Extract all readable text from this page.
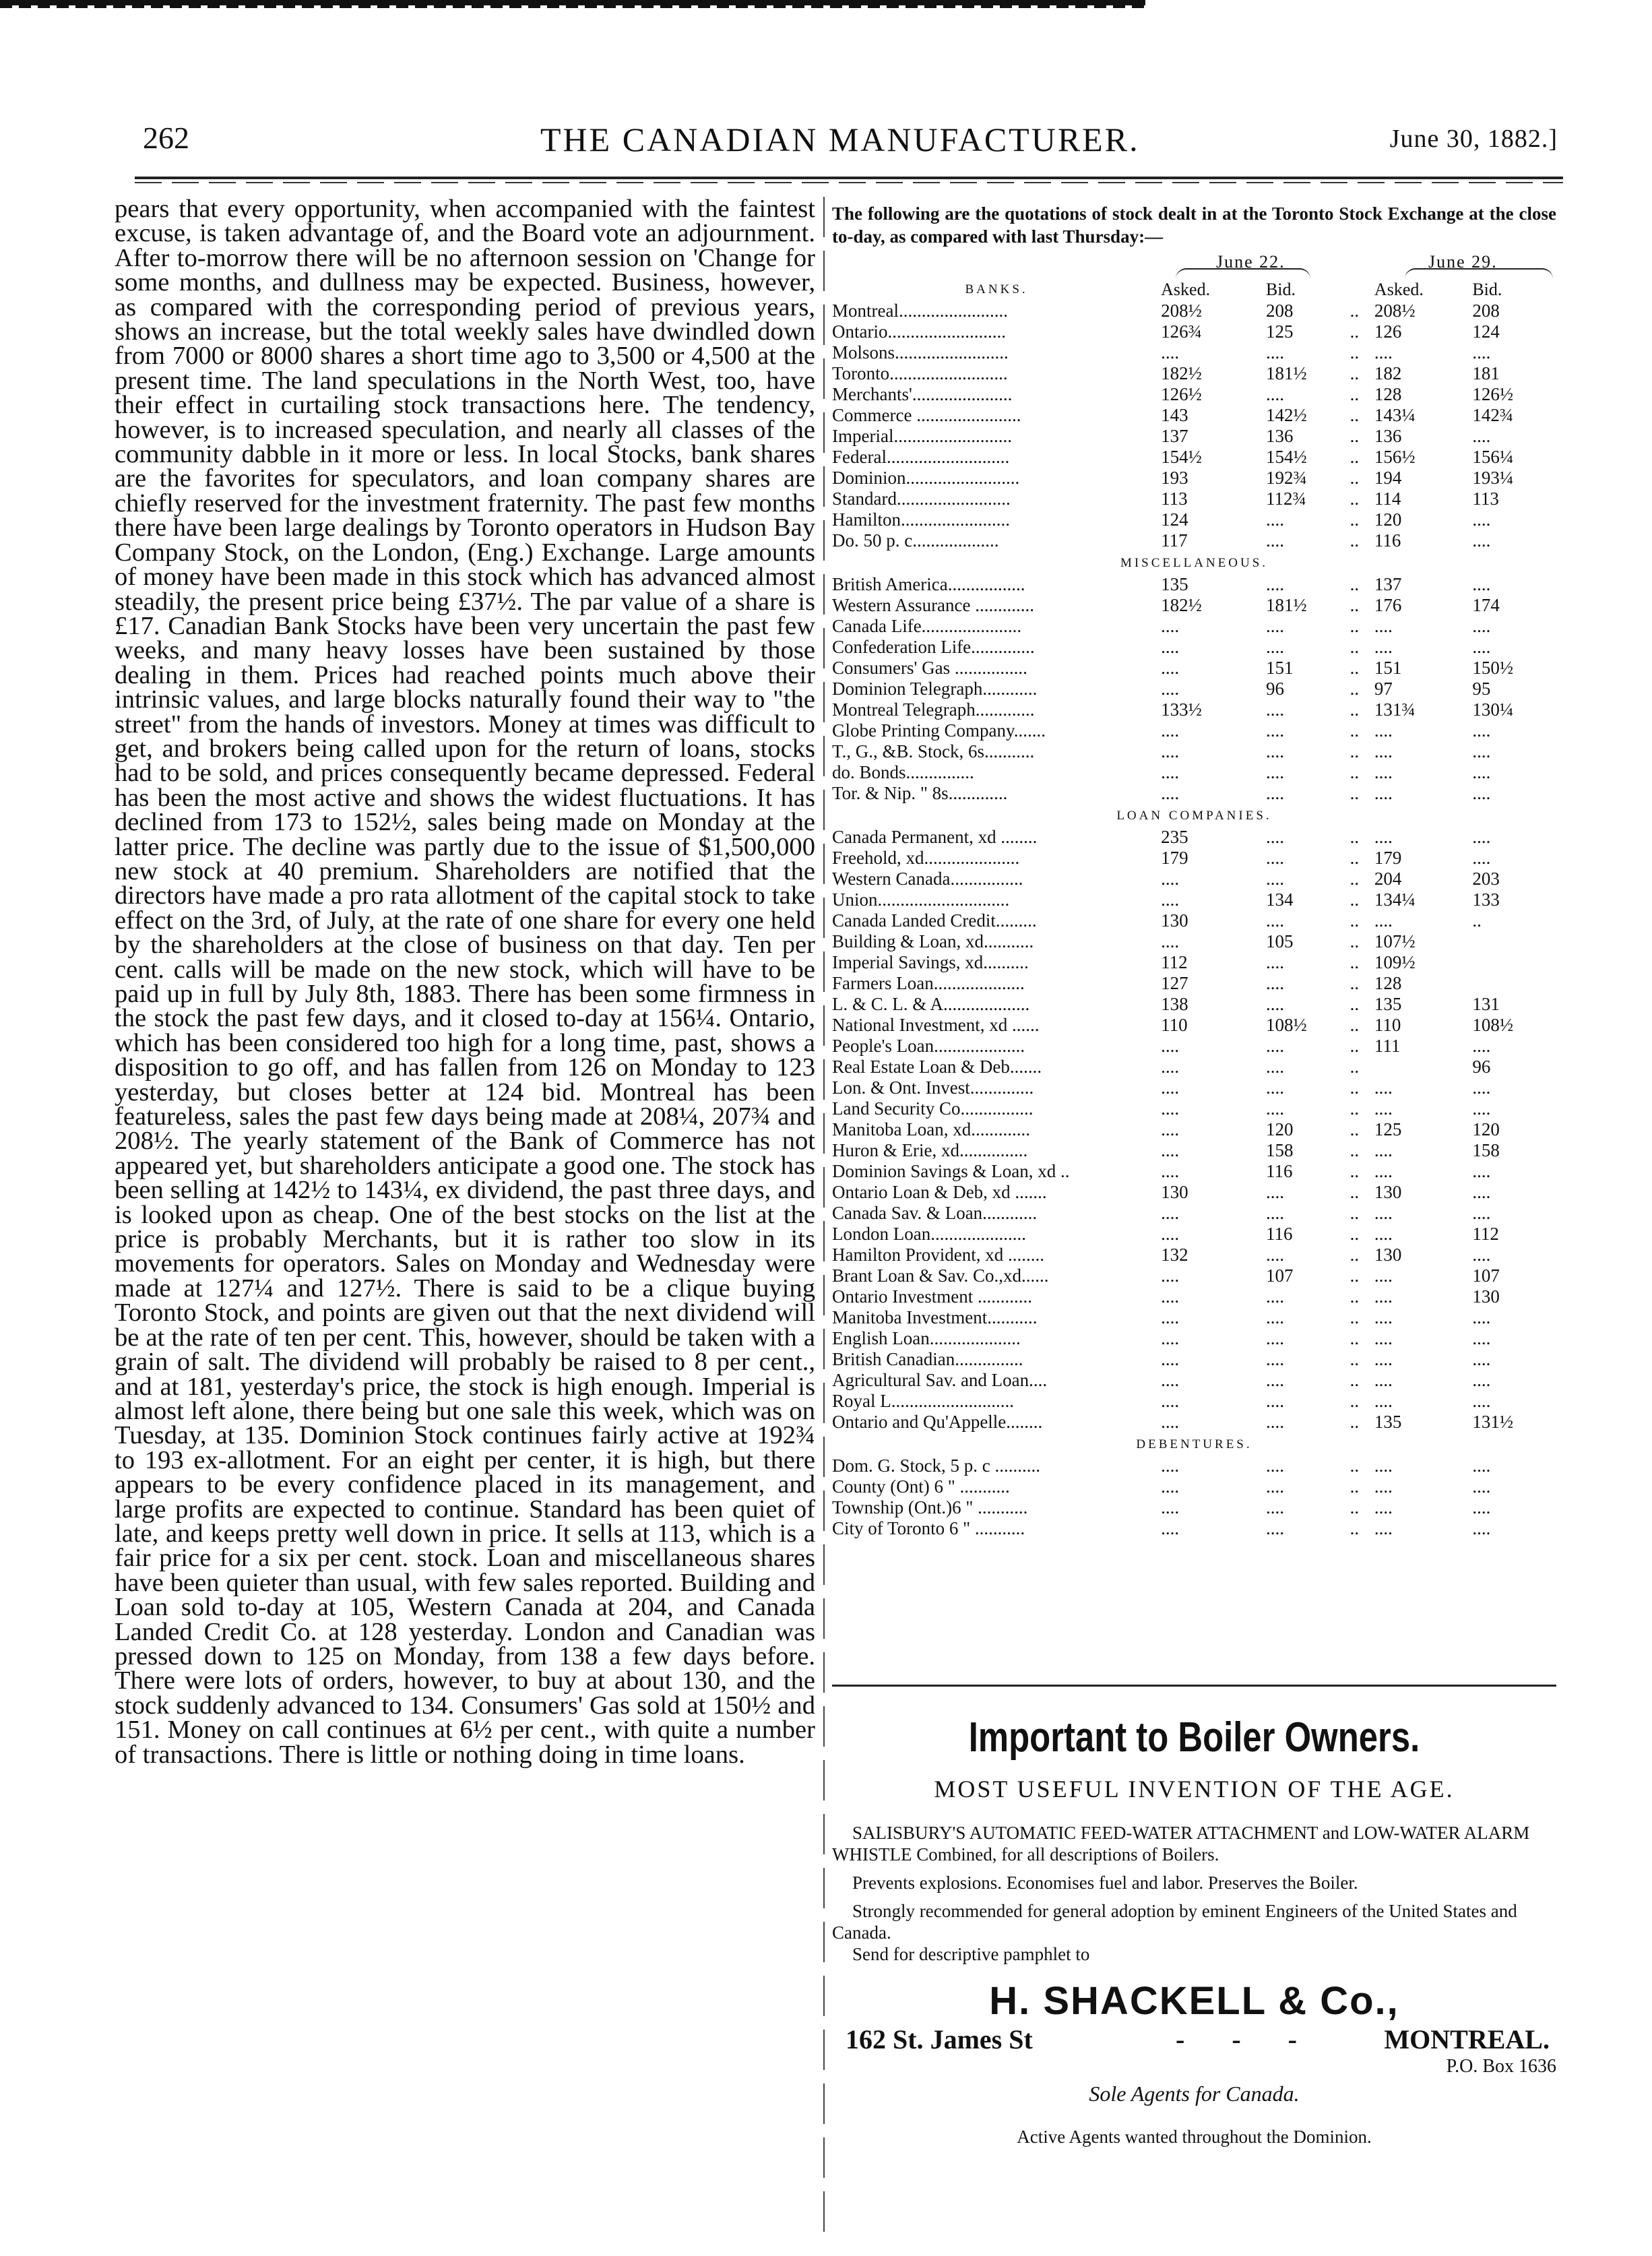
262	THE CANADIAN MANUFACTURER.	June 30, 1882.]

pears that every opportunity, when accompanied with the faintest excuse, is taken advantage of, and the Board vote an adjournment. After to-morrow there will be no afternoon session on 'Change for some months, and dullness may be expected. Business, however, as compared with the corresponding period of previous years, shows an increase, but the total weekly sales have dwindled down from 7000 or 8000 shares a short time ago to 3,500 or 4,500 at the present time. The land speculations in the North West, too, have their effect in curtailing stock transactions here. The tendency, however, is to increased speculation, and nearly all classes of the community dabble in it more or less. In local Stocks, bank shares are the favorites for speculators, and loan company shares are chiefly reserved for the investment fraternity. The past few months there have been large dealings by Toronto operators in Hudson Bay Company Stock, on the London, (Eng.) Exchange. Large amounts of money have been made in this stock which has advanced almost steadily, the present price being £37½. The par value of a share is £17. Canadian Bank Stocks have been very uncertain the past few weeks, and many heavy losses have been sustained by those dealing in them. Prices had reached points much above their intrinsic values, and large blocks naturally found their way to "the street" from the hands of investors. Money at times was difficult to get, and brokers being called upon for the return of loans, stocks had to be sold, and prices consequently became depressed. Federal has been the most active and shows the widest fluctuations. It has declined from 173 to 152½, sales being made on Monday at the latter price. The decline was partly due to the issue of $1,500,000 new stock at 40 premium. Shareholders are notified that the directors have made a pro rata allotment of the capital stock to take effect on the 3rd, of July, at the rate of one share for every one held by the shareholders at the close of business on that day. Ten per cent. calls will be made on the new stock, which will have to be paid up in full by July 8th, 1883. There has been some firmness in the stock the past few days, and it closed to-day at 156¼. Ontario, which has been considered too high for a long time, past, shows a disposition to go off, and has fallen from 126 on Monday to 123 yesterday, but closes better at 124 bid. Montreal has been featureless, sales the past few days being made at 208¼, 207¾ and 208½. The yearly statement of the Bank of Commerce has not appeared yet, but shareholders anticipate a good one. The stock has been selling at 142½ to 143¼, ex dividend, the past three days, and is looked upon as cheap. One of the best stocks on the list at the price is probably Merchants, but it is rather too slow in its movements for operators. Sales on Monday and Wednesday were made at 127¼ and 127½. There is said to be a clique buying Toronto Stock, and points are given out that the next dividend will be at the rate of ten per cent. This, however, should be taken with a grain of salt. The dividend will probably be raised to 8 per cent., and at 181, yesterday's price, the stock is high enough. Imperial is almost left alone, there being but one sale this week, which was on Tuesday, at 135. Dominion Stock continues fairly active at 192¾ to 193 ex-allotment. For an eight per center, it is high, but there appears to be every confidence placed in its management, and large profits are expected to continue. Standard has been quiet of late, and keeps pretty well down in price. It sells at 113, which is a fair price for a six per cent. stock. Loan and miscellaneous shares have been quieter than usual, with few sales reported. Building and Loan sold to-day at 105, Western Canada at 204, and Canada Landed Credit Co. at 128 yesterday. London and Canadian was pressed down to 125 on Monday, from 138 a few days before. There were lots of orders, however, to buy at about 130, and the stock suddenly advanced to 134. Consumers' Gas sold at 150½ and 151. Money on call continues at 6½ per cent., with quite a number of transactions. There is little or nothing doing in time loans.

The following are the quotations of stock dealt in at the Toronto Stock Exchange at the close to-day, as compared with last Thursday:—
June 22.	June 29.
BANKS.	Asked.	Bid.		Asked.	Bid.
Montreal........................	208½	208	..	208½	208
Ontario..........................	126¾	125	..	126	124
Molsons.........................	....	....	..	....	....
Toronto..........................	182½	181½	..	182	181
Merchants'......................	126½	....	..	128	126½
Commerce .......................	143	142½	..	143¼	142¾
Imperial..........................	137	136	..	136	....
Federal...........................	154½	154½	..	156½	156¼
Dominion.........................	193	192¾	..	194	193¼
Standard.........................	113	112¾	..	114	113
Hamilton........................	124	....	..	120	....
Do. 50 p. c...................	117	....	..	116	....
MISCELLANEOUS.					
British America.................	135	....	..	137	....
Western Assurance .............	182½	181½	..	176	174
Canada Life......................	....	....	..	....	....
Confederation Life..............	....	....	..	....	....
Consumers' Gas ................	....	151	..	151	150½
Dominion Telegraph............	....	96	..	97	95
Montreal Telegraph.............	133½	....	..	131¾	130¼
Globe Printing Company.......	....	....	..	....	....
T., G., &B. Stock, 6s...........	....	....	..	....	....
do. Bonds...............	....	....	..	....	....
Tor. & Nip. " 8s.............	....	....	..	....	....
LOAN COMPANIES.					
Canada Permanent, xd ........	235	....	..	....	....
Freehold, xd.....................	179	....	..	179	....
Western Canada................	....	....	..	204	203
Union.............................	....	134	..	134¼	133
Canada Landed Credit.........	130	....	..	....	..
Building & Loan, xd...........	....	105	..	107½	
Imperial Savings, xd..........	112	....	..	109½	
Farmers Loan....................	127	....	..	128	
L. & C. L. & A...................	138	....	..	135	131
National Investment, xd ......	110	108½	..	110	108½
People's Loan....................	....	....	..	111	....
Real Estate Loan & Deb.......	....	....	..		96
Lon. & Ont. Invest..............	....	....	..	....	....
Land Security Co................	....	....	..	....	....
Manitoba Loan, xd.............	....	120	..	125	120
Huron & Erie, xd...............	....	158	..	....	158
Dominion Savings & Loan, xd ..	....	116	..	....	....
Ontario Loan & Deb, xd .......	130	....	..	130	....
Canada Sav. & Loan............	....	....	..	....	....
London Loan.....................	....	116	..	....	112
Hamilton Provident, xd ........	132	....	..	130	....
Brant Loan & Sav. Co.,xd......	....	107	..	....	107
Ontario Investment ............	....	....	..	....	130
Manitoba Investment...........	....	....	..	....	....
English Loan....................	....	....	..	....	....
British Canadian...............	....	....	..	....	....
Agricultural Sav. and Loan....	....	....	..	....	....
Royal L...........................	....	....	..	....	....
Ontario and Qu'Appelle........	....	....	..	135	131½
DEBENTURES.					
Dom. G. Stock, 5 p. c ..........	....	....	..	....	....
County (Ont) 6 " ...........	....	....	..	....	....
Township (Ont.)6 " ...........	....	....	..	....	....
City of Toronto 6 " ...........	....	....	..	....	....
Important to Boiler Owners.
MOST USEFUL INVENTION OF THE AGE.
SALISBURY'S AUTOMATIC FEED-WATER ATTACHMENT and LOW-WATER ALARM WHISTLE Combined, for all descriptions of Boilers.
Prevents explosions. Economises fuel and labor. Preserves the Boiler.
Strongly recommended for general adoption by eminent Engineers of the United States and Canada.
Send for descriptive pamphlet to
H. SHACKELL & Co.,
162 St. James St	- - - MONTREAL.
P.O. Box 1636
Sole Agents for Canada.
Active Agents wanted throughout the Dominion.
